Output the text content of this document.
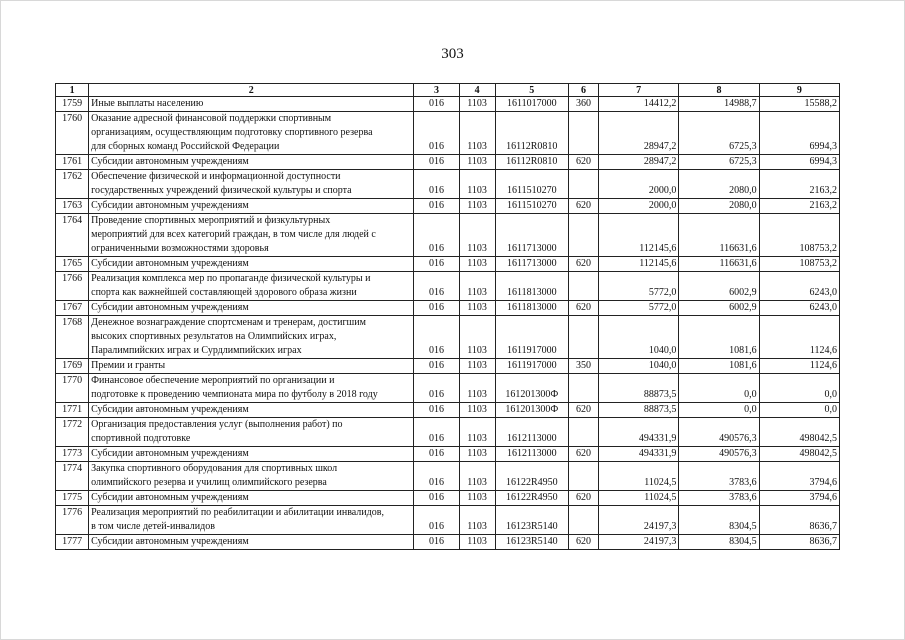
303
1	2	3	4	5	6	7	8	9
1759	Иные выплаты населению	016	1103	1611017000	360	14412,2	14988,7	15588,2
1760	Оказание адресной финансовой поддержки спортивным
организациям, осуществляющим подготовку спортивного резерва
для сборных команд Российской Федерации	016	1103	16112R0810		28947,2	6725,3	6994,3
1761	Субсидии автономным учреждениям	016	1103	16112R0810	620	28947,2	6725,3	6994,3
1762	Обеспечение физической и информационной доступности
государственных учреждений физической культуры и спорта	016	1103	1611510270		2000,0	2080,0	2163,2
1763	Субсидии автономным учреждениям	016	1103	1611510270	620	2000,0	2080,0	2163,2
1764	Проведение спортивных мероприятий и физкультурных
мероприятий для всех категорий граждан, в том числе для людей с
ограниченными возможностями здоровья	016	1103	1611713000		112145,6	116631,6	108753,2
1765	Субсидии автономным учреждениям	016	1103	1611713000	620	112145,6	116631,6	108753,2
1766	Реализация комплекса мер по пропаганде физической культуры и
спорта как важнейшей составляющей здорового образа жизни	016	1103	1611813000		5772,0	6002,9	6243,0
1767	Субсидии автономным учреждениям	016	1103	1611813000	620	5772,0	6002,9	6243,0
1768	Денежное вознаграждение спортсменам и тренерам, достигшим
высоких спортивных результатов на Олимпийских играх,
Паралимпийских играх и Сурдлимпийских играх	016	1103	1611917000		1040,0	1081,6	1124,6
1769	Премии и гранты	016	1103	1611917000	350	1040,0	1081,6	1124,6
1770	Финансовое обеспечение мероприятий по организации и
подготовке к проведению чемпионата мира по футболу в 2018 году	016	1103	161201300Ф		88873,5	0,0	0,0
1771	Субсидии автономным учреждениям	016	1103	161201300Ф	620	88873,5	0,0	0,0
1772	Организация предоставления услуг (выполнения работ) по
спортивной подготовке	016	1103	1612113000		494331,9	490576,3	498042,5
1773	Субсидии автономным учреждениям	016	1103	1612113000	620	494331,9	490576,3	498042,5
1774	Закупка спортивного оборудования для спортивных школ
олимпийского резерва и училищ олимпийского резерва	016	1103	16122R4950		11024,5	3783,6	3794,6
1775	Субсидии автономным учреждениям	016	1103	16122R4950	620	11024,5	3783,6	3794,6
1776	Реализация мероприятий по реабилитации и абилитации инвалидов,
в том числе детей-инвалидов	016	1103	16123R5140		24197,3	8304,5	8636,7
1777	Субсидии автономным учреждениям	016	1103	16123R5140	620	24197,3	8304,5	8636,7
